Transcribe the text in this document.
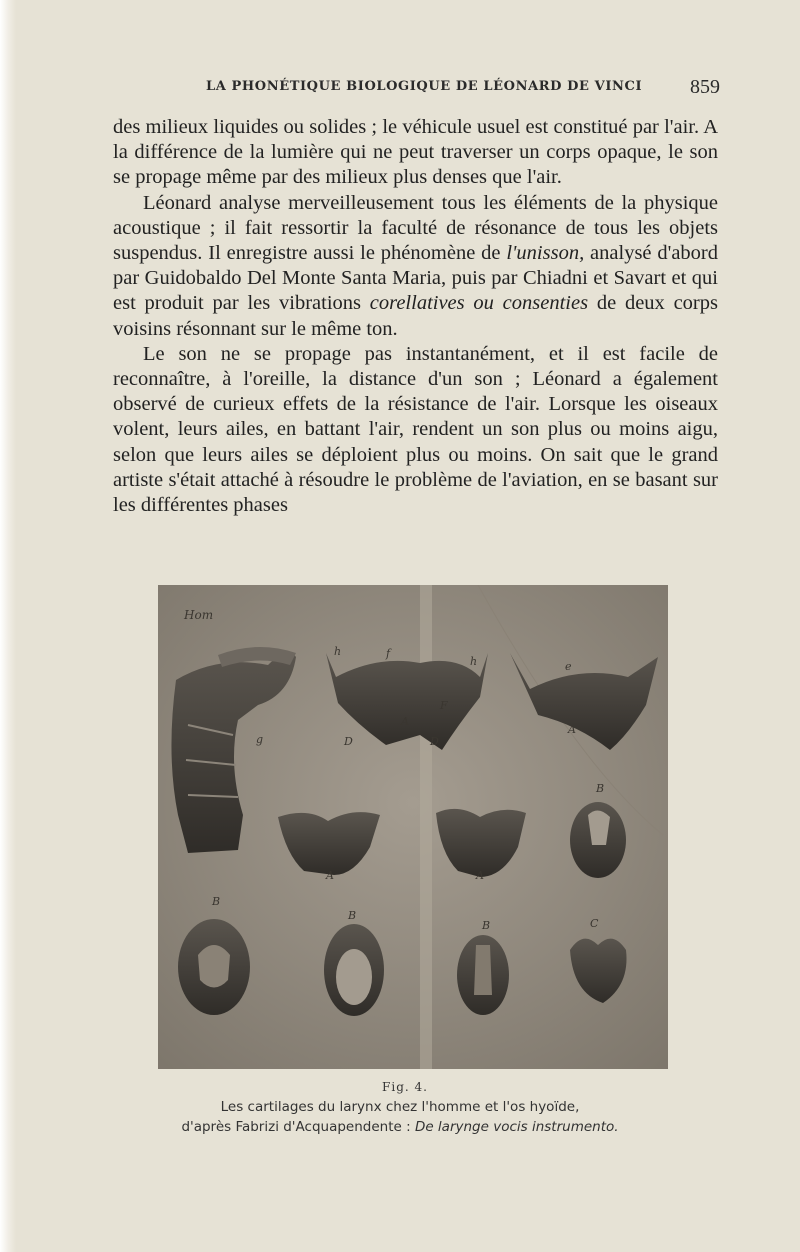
LA PHONÉTIQUE BIOLOGIQUE DE LÉONARD DE VINCI 859

des milieux liquides ou solides ; le véhicule usuel est constitué par l'air. A la différence de la lumière qui ne peut traverser un corps opaque, le son se propage même par des milieux plus denses que l'air.

Léonard analyse merveilleusement tous les éléments de la physique acoustique ; il fait ressortir la faculté de résonance de tous les objets suspendus. Il enregistre aussi le phénomène de l'unisson, analysé d'abord par Guidobaldo Del Monte Santa Maria, puis par Chiadni et Savart et qui est produit par les vibrations corellatives ou consenties de deux corps voisins résonnant sur le même ton.

Le son ne se propage pas instantanément, et il est facile de reconnaître, à l'oreille, la distance d'un son ; Léonard a également observé de curieux effets de la résistance de l'air. Lorsque les oiseaux volent, leurs ailes, en battant l'air, rendent un son plus ou moins aigu, selon que leurs ailes se déploient plus ou moins. On sait que le grand artiste s'était attaché à résoudre le problème de l'aviation, en se basant sur les différentes phases

Hom
g
h	f
A
F
h
D	D
e
A
B
A	A
B
B
B	C
Fig. 4.
Les cartilages du larynx chez l'homme et l'os hyoïde,
d'après Fabrizi d'Acquapendente : De larynge vocis instrumento.
